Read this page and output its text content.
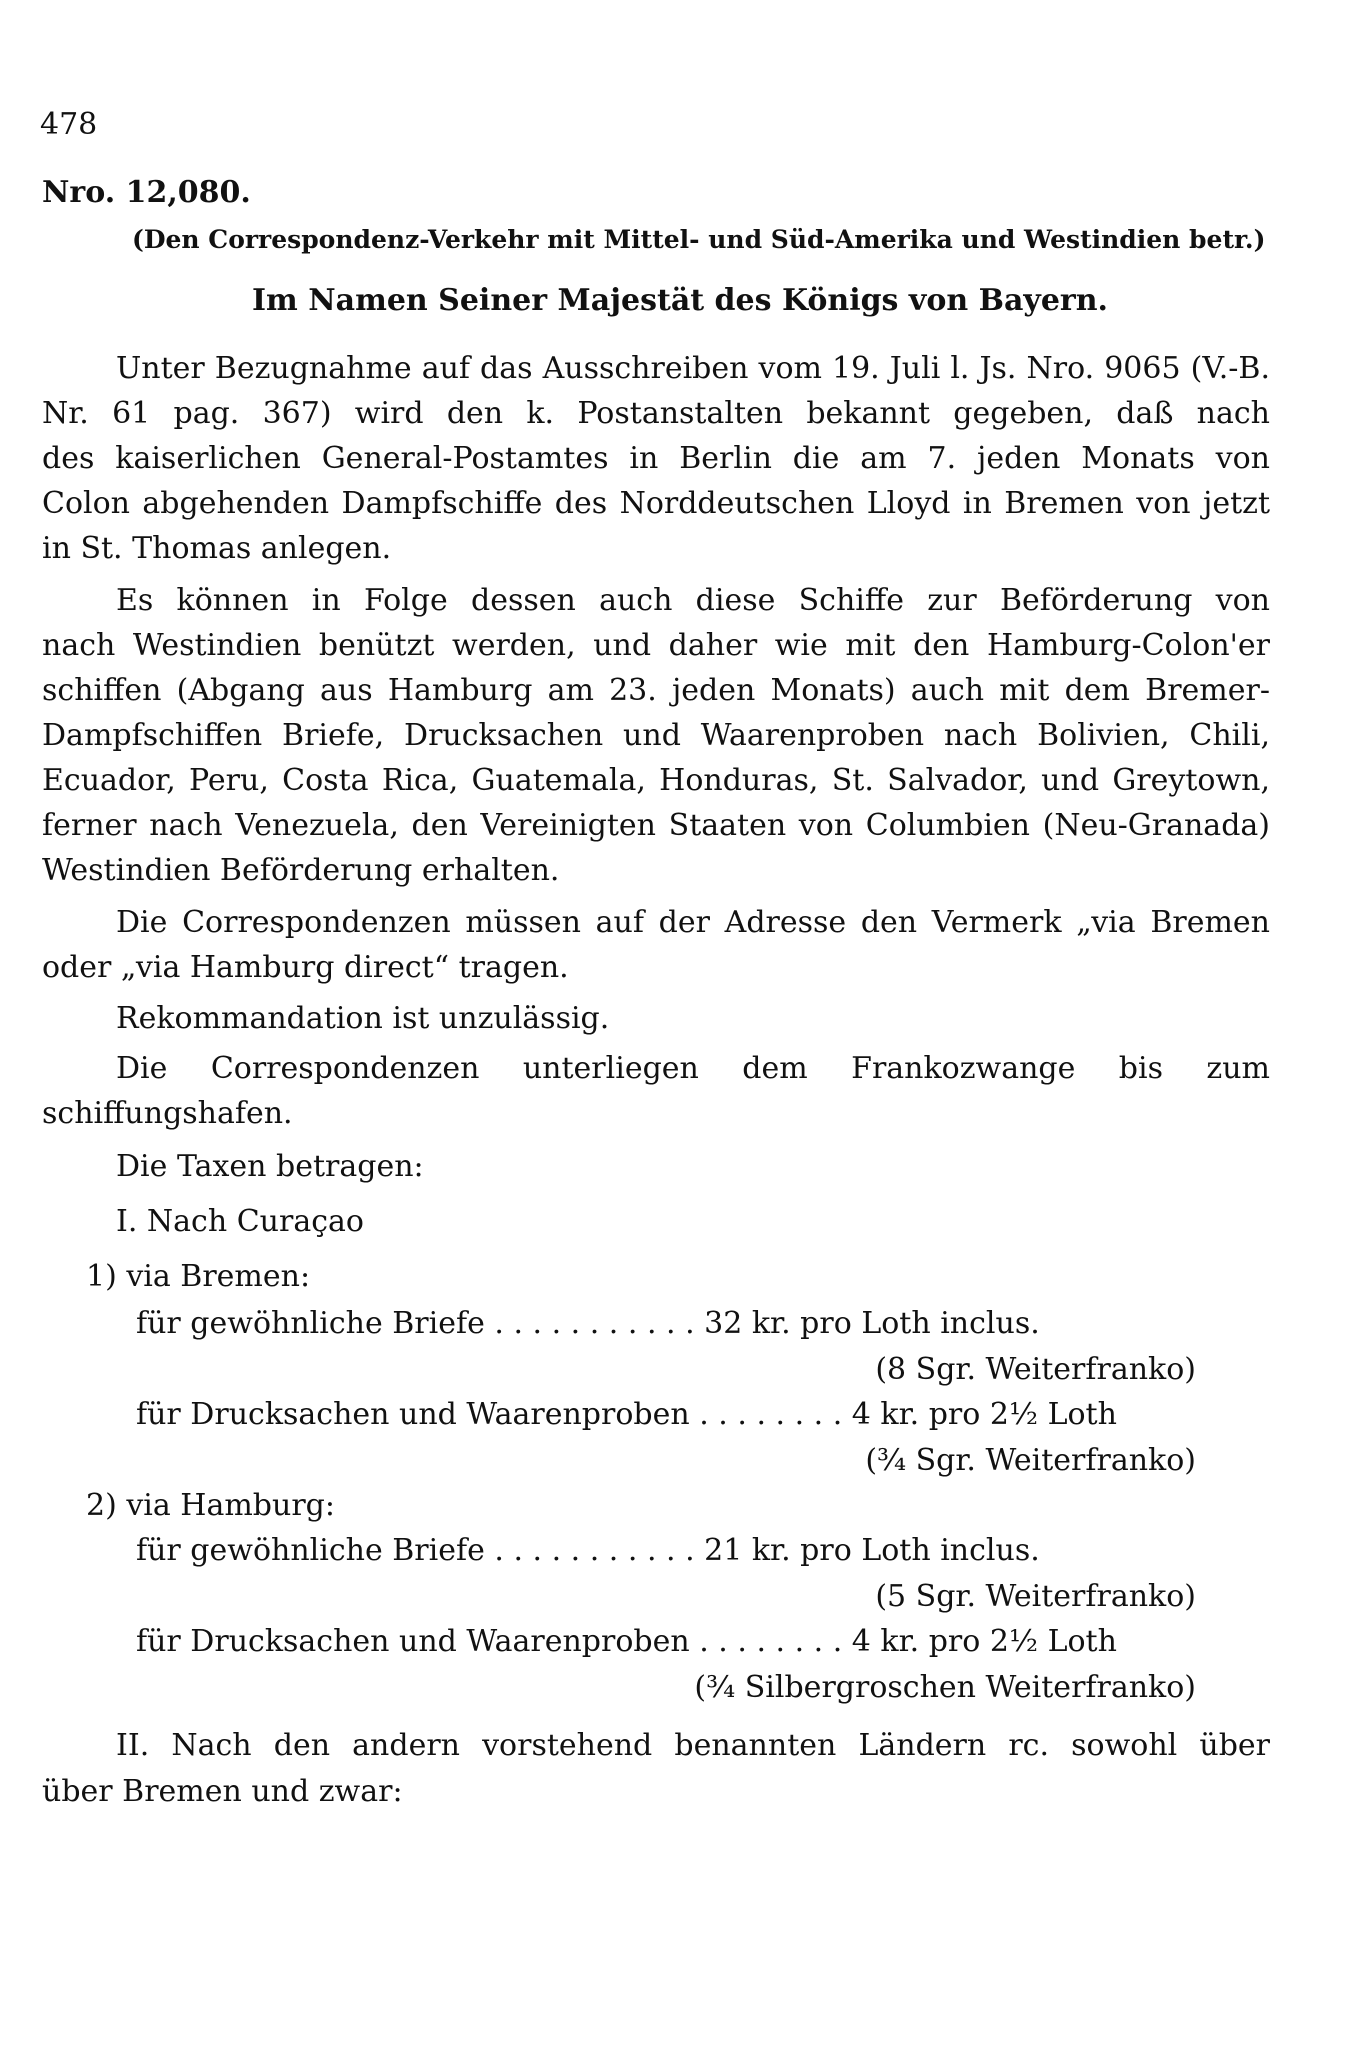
478
Nro. 12,080.
(Den Correspondenz-Verkehr mit Mittel- und Süd-Amerika und Westindien betr.)
Im Namen Seiner Majestät des Königs von Bayern.
Unter Bezugnahme auf das Ausschreiben vom 19. Juli l. Js. Nro. 9065 (V.-B.
Nr. 61 pag. 367) wird den k. Postanstalten bekannt gegeben, daß nach
des kaiserlichen General-Postamtes in Berlin die am 7. jeden Monats von
Colon abgehenden Dampfschiffe des Norddeutschen Lloyd in Bremen von jetzt
in St. Thomas anlegen.
Es können in Folge dessen auch diese Schiffe zur Beförderung von
nach Westindien benützt werden, und daher wie mit den Hamburg-Colon'er
schiffen (Abgang aus Hamburg am 23. jeden Monats) auch mit dem Bremer-
Dampfschiffen Briefe, Drucksachen und Waarenproben nach Bolivien, Chili,
Ecuador, Peru, Costa Rica, Guatemala, Honduras, St. Salvador, und Greytown,
ferner nach Venezuela, den Vereinigten Staaten von Columbien (Neu-Granada)
Westindien Beförderung erhalten.
Die Correspondenzen müssen auf der Adresse den Vermerk „via Bremen
oder „via Hamburg direct“ tragen.
Rekommandation ist unzulässig.
Die Correspondenzen unterliegen dem Frankozwange bis zum
schiffungshafen.
Die Taxen betragen:
I. Nach Curaçao
1) via Bremen:
für gewöhnliche Briefe . . . . . . . . . . . 32 kr. pro Loth inclus.
(8 Sgr. Weiterfranko)
für Drucksachen und Waarenproben . . . . . . . . 4 kr. pro 2½ Loth
(¾ Sgr. Weiterfranko)
2) via Hamburg:
für gewöhnliche Briefe . . . . . . . . . . . 21 kr. pro Loth inclus.
(5 Sgr. Weiterfranko)
für Drucksachen und Waarenproben . . . . . . . . 4 kr. pro 2½ Loth
(¾ Silbergroschen Weiterfranko)
II. Nach den andern vorstehend benannten Ländern rc. sowohl über
über Bremen und zwar:
